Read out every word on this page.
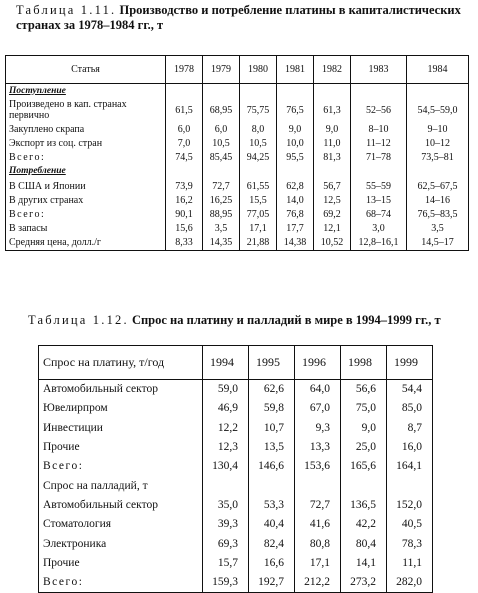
Таблица 1.11. Производство и потребление платины в капиталистических странах за 1978–1984 гг., т
Статья	1978	1979	1980	1981	1982	1983	1984
Поступление							
Произведено в кап. странах первично	61,5	68,95	75,75	76,5	61,3	52–56	54,5–59,0
Закуплено скрапа	6,0	6,0	8,0	9,0	9,0	8–10	9–10
Экспорт из соц. стран	7,0	10,5	10,5	10,0	11,0	11–12	10–12
Всего:	74,5	85,45	94,25	95,5	81,3	71–78	73,5–81
Потребление							
В США и Японии	73,9	72,7	61,55	62,8	56,7	55–59	62,5–67,5
В других странах	16,2	16,25	15,5	14,0	12,5	13–15	14–16
Всего:	90,1	88,95	77,05	76,8	69,2	68–74	76,5–83,5
В запасы	15,6	3,5	17,1	17,7	12,1	3,0	3,5
Средняя цена, долл./г	8,33	14,35	21,88	14,38	10,52	12,8–16,1	14,5–17
Таблица 1.12. Спрос на платину и палладий в мире в 1994–1999 гг., т
Спрос на платину, т/год	1994	1995	1996	1998	1999
Автомобильный сектор	59,0	62,6	64,0	56,6	54,4
Ювелирпром	46,9	59,8	67,0	75,0	85,0
Инвестиции	12,2	10,7	9,3	9,0	8,7
Прочие	12,3	13,5	13,3	25,0	16,0
Всего:	130,4	146,6	153,6	165,6	164,1
Спрос на палладий, т					
Автомобильный сектор	35,0	53,3	72,7	136,5	152,0
Стоматология	39,3	40,4	41,6	42,2	40,5
Электроника	69,3	82,4	80,8	80,4	78,3
Прочие	15,7	16,6	17,1	14,1	11,1
Всего:	159,3	192,7	212,2	273,2	282,0
